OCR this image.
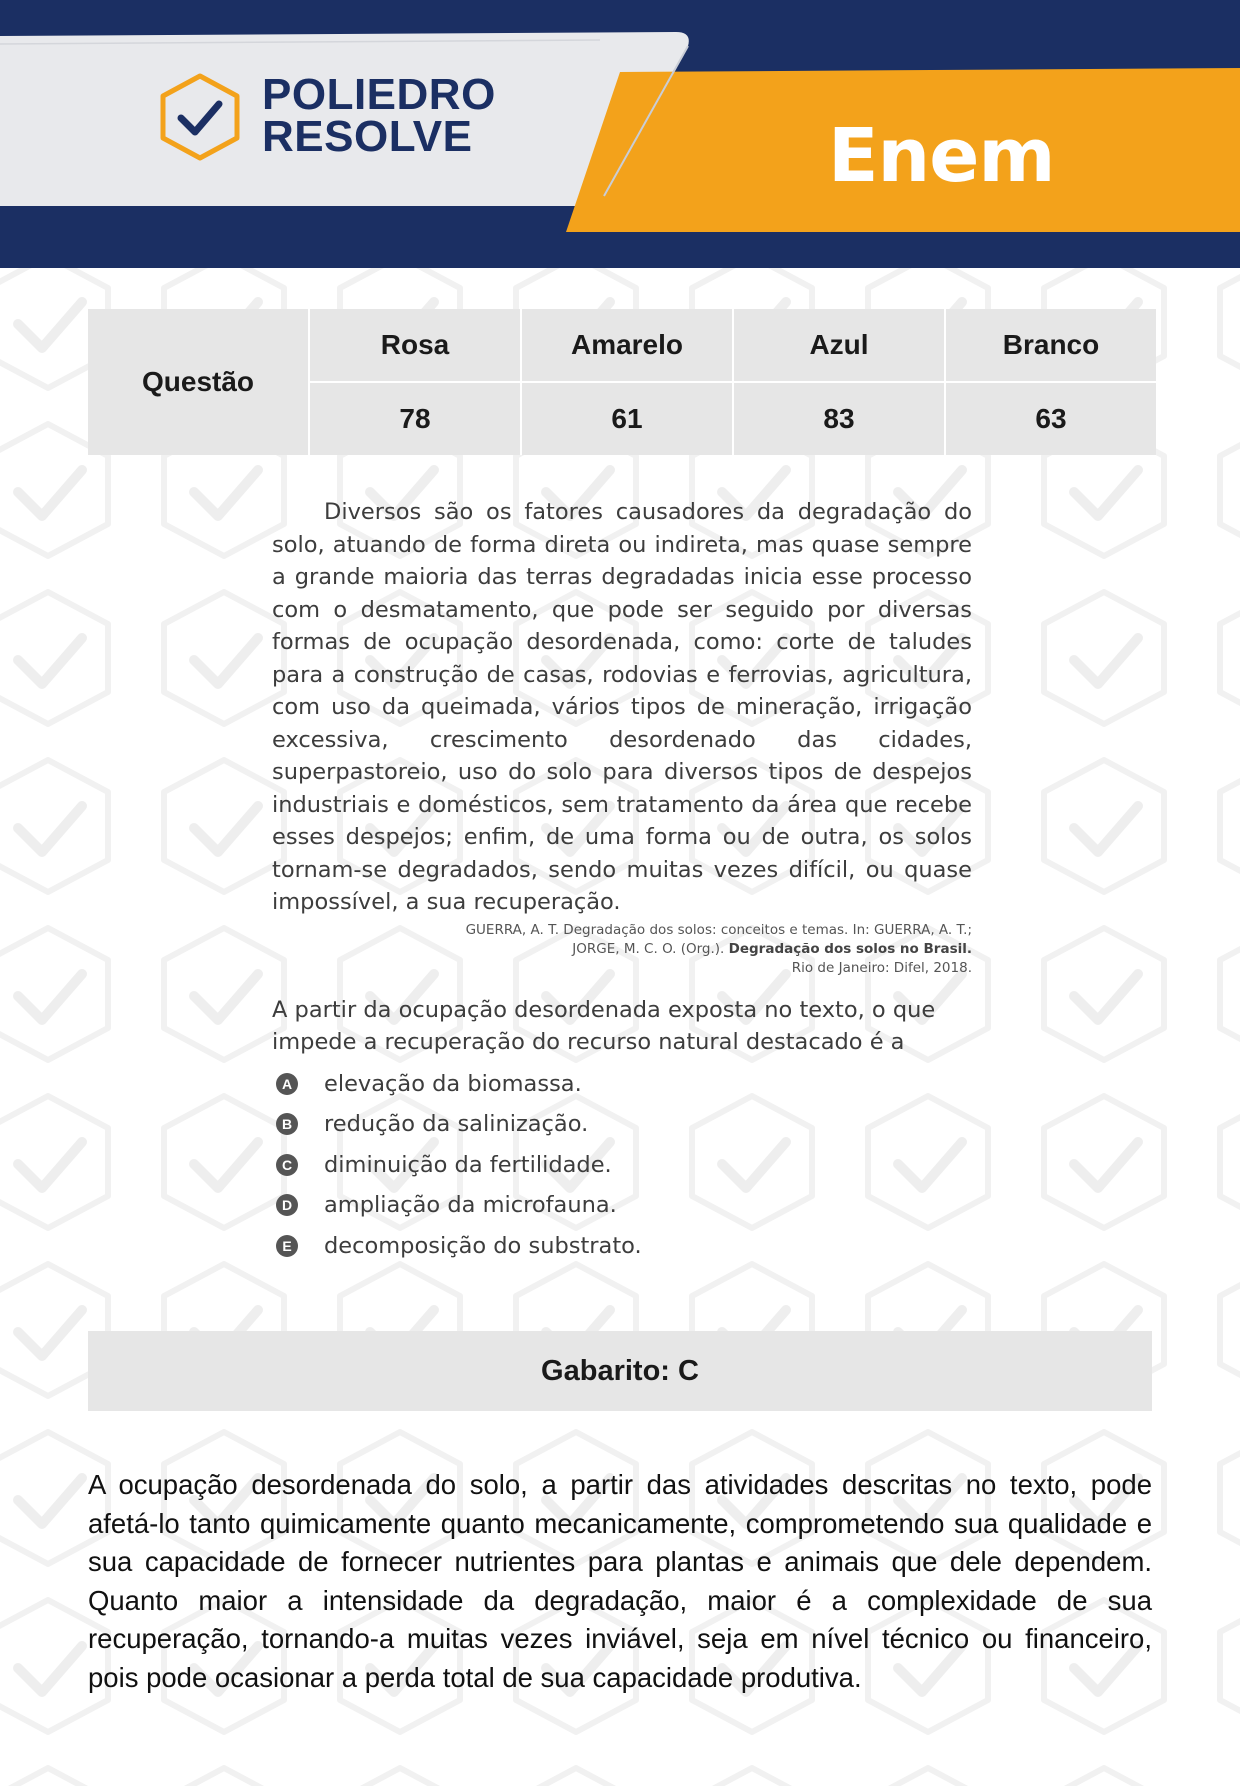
POLIEDRO
RESOLVE	Enem
Questão
Rosa	Amarelo	Azul	Branco
78	61	83	63

Diversos são os fatores causadores da degradação do solo, atuando de forma direta ou indireta, mas quase sempre a grande maioria das terras degradadas inicia esse processo com o desmatamento, que pode ser seguido por diversas formas de ocupação desordenada, como: corte de taludes para a construção de casas, rodovias e ferrovias, agricultura, com uso da queimada, vários tipos de mineração, irrigação excessiva, crescimento desordenado das cidades, superpastoreio, uso do solo para diversos tipos de despejos industriais e domésticos, sem tratamento da área que recebe esses despejos; enfim, de uma forma ou de outra, os solos tornam-se degradados, sendo muitas vezes difícil, ou quase impossível, a sua recuperação.

GUERRA, A. T. Degradação dos solos: conceitos e temas. In: GUERRA, A. T.;
JORGE, M. C. O. (Org.). Degradação dos solos no Brasil.
Rio de Janeiro: Difel, 2018.

A partir da ocupação desordenada exposta no texto, o que impede a recuperação do recurso natural destacado é a

A elevação da biomassa.
B redução da salinização.
C diminuição da fertilidade.
D ampliação da microfauna.
E decomposição do substrato.
Gabarito: C

A ocupação desordenada do solo, a partir das atividades descritas no texto, pode afetá-lo tanto quimicamente quanto mecanicamente, comprometendo sua qualidade e sua capacidade de fornecer nutrientes para plantas e animais que dele dependem. Quanto maior a intensidade da degradação, maior é a complexidade de sua recuperação, tornando-a muitas vezes inviável, seja em nível técnico ou financeiro, pois pode ocasionar a perda total de sua capacidade produtiva.
